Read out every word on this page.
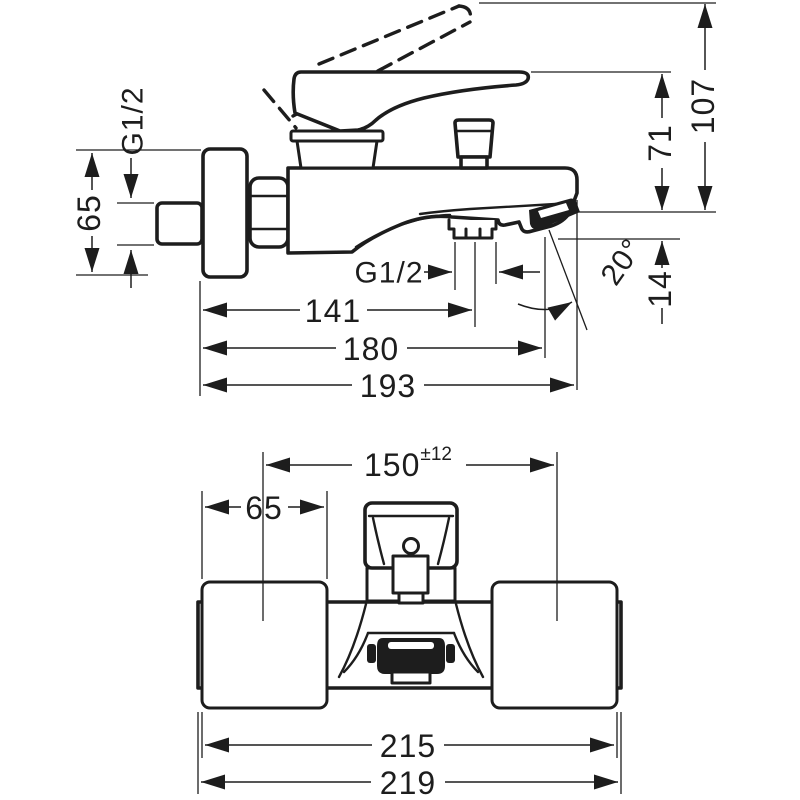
107
71
14
G1/2
65
G1/2
141
180
193
20°
150±12
65
215
219
